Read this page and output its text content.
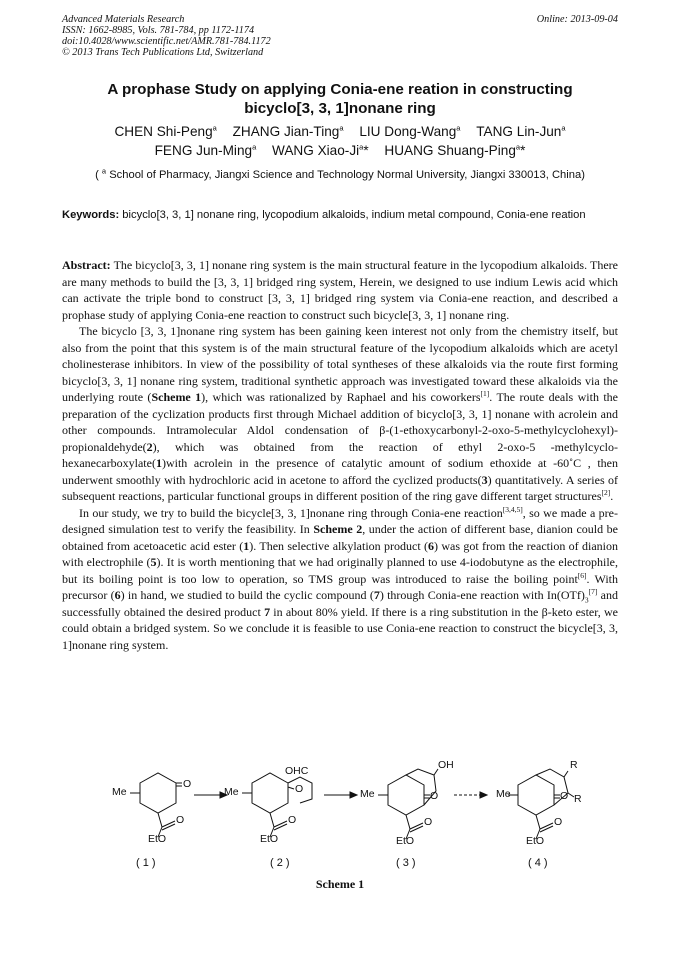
Advanced Materials Research
ISSN: 1662-8985, Vols. 781-784, pp 1172-1174
doi:10.4028/www.scientific.net/AMR.781-784.1172
© 2013 Trans Tech Publications Ltd, Switzerland
Online: 2013-09-04
A prophase Study on applying Conia-ene reation in constructing
bicyclo[3, 3, 1]nonane ring
CHEN Shi-Peng$^a$ ZHANG Jian-Ting$^a$ LIU Dong-Wang$^a$ TANG Lin-Jun$^a$
FENG Jun-Ming$^a$ WANG Xiao-Ji$^a$* HUANG Shuang-Ping$^a$*
( $^a$ School of Pharmacy, Jiangxi Science and Technology Normal University, Jiangxi 330013, China)
Keywords: bicyclo[3, 3, 1] nonane ring, lycopodium alkaloids, indium metal compound, Conia-ene reation

Abstract: The bicyclo[3, 3, 1] nonane ring system is the main structural feature in the lycopodium alkaloids. There are many methods to build the [3, 3, 1] bridged ring system, Herein, we designed to use indium Lewis acid which can activate the triple bond to construct [3, 3, 1] bridged ring system via Conia-ene reaction, and described a prophase study of applying Conia-ene reaction to construct such bicycle[3, 3, 1] nonane ring.

The bicyclo [3, 3, 1]nonane ring system has been gaining keen interest not only from the chemistry itself, but also from the point that this system is of the main structural feature of the lycopodium alkaloids which are acetyl cholinesterase inhibitors. In view of the possibility of total syntheses of these alkaloids via the route first forming bicyclo[3, 3, 1] nonane ring system, traditional synthetic approach was investigated toward these alkaloids via the underlying route (Scheme 1), which was rationalized by Raphael and his coworkers[1]. The route deals with the preparation of the cyclization products first through Michael addition of bicyclo[3, 3, 1] nonane with acrolein and other compounds. Intramolecular Aldol condensation of β-(1-ethoxycarbonyl-2-oxo-5-methylcyclohexyl)-propionaldehyde(2), which was obtained from the reaction of ethyl 2-oxo-5 -methylcyclo-hexanecarboxylate(1)with acrolein in the presence of catalytic amount of sodium ethoxide at -60˚C , then underwent smoothly with hydrochloric acid in acetone to afford the cyclized products(3) quantitatively. A series of subsequent reactions, particular functional groups in different position of the ring gave different target structures[2].

In our study, we try to build the bicycle[3, 3, 1]nonane ring through Conia-ene reaction[3,4,5], so we made a pre-designed simulation test to verify the feasibility. In Scheme 2, under the action of different base, dianion could be obtained from acetoacetic acid ester (1). Then selective alkylation product (6) was got from the reaction of dianion with electrophile (5). It is worth mentioning that we had originally planned to use 4-iodobutyne as the electrophile, but its boiling point is too low to operation, so TMS group was introduced to raise the boiling point[6]. With precursor (6) in hand, we studied to build the cyclic compound (7) through Conia-ene reaction with $In(OTf)_3[7]$ and successfully obtained the desired product 7 in about 80% yield. If there is a ring substitution in the β-keto ester, we could obtain a bridged system. So we conclude it is feasible to use Conia-ene reaction to construct the bicycle[3, 3, 1]nonane ring system.

Me
O
O
EtO
Me
OHC
O
O
EtO
Me
OH
O
O
EtO
Me
R
R
O
O
EtO
( 1 )	( 2 )	( 3 )	( 4 )
Scheme 1
